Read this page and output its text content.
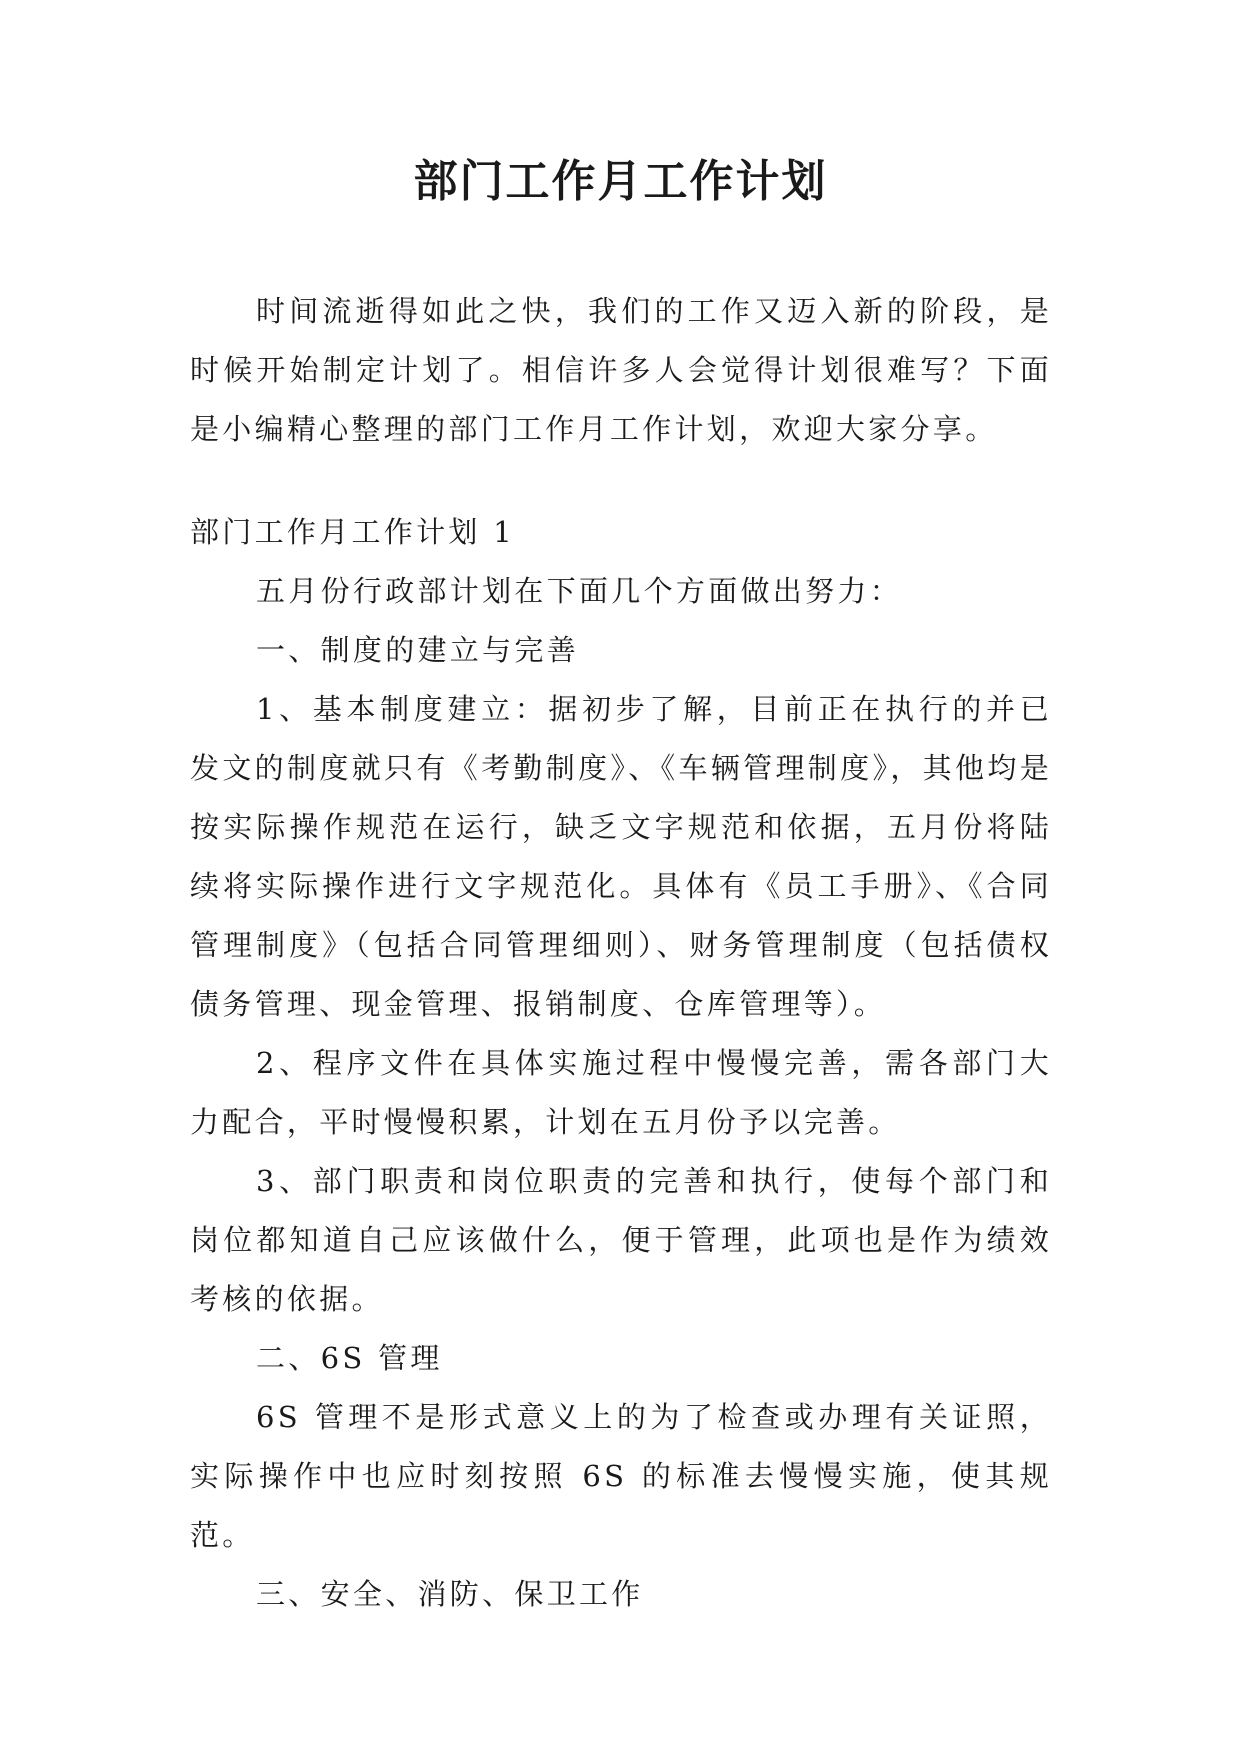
部门工作月工作计划

时间流逝得如此之快，我们的工作又迈入新的阶段，是时候开始制定计划了。相信许多人会觉得计划很难写？下面是小编精心整理的部门工作月工作计划，欢迎大家分享。

部门工作月工作计划 1

五月份行政部计划在下面几个方面做出努力：

一、制度的建立与完善

1、基本制度建立：据初步了解，目前正在执行的并已发文的制度就只有《考勤制度》、《车辆管理制度》，其他均是按实际操作规范在运行，缺乏文字规范和依据，五月份将陆续将实际操作进行文字规范化。具体有《员工手册》、《合同管理制度》（包括合同管理细则）、财务管理制度（包括债权债务管理、现金管理、报销制度、仓库管理等）。

2、程序文件在具体实施过程中慢慢完善，需各部门大力配合，平时慢慢积累，计划在五月份予以完善。

3、部门职责和岗位职责的完善和执行，使每个部门和岗位都知道自己应该做什么，便于管理，此项也是作为绩效考核的依据。

二、6S 管理

6S 管理不是形式意义上的为了检查或办理有关证照，实际操作中也应时刻按照 6S 的标准去慢慢实施，使其规范。

三、安全、消防、保卫工作
